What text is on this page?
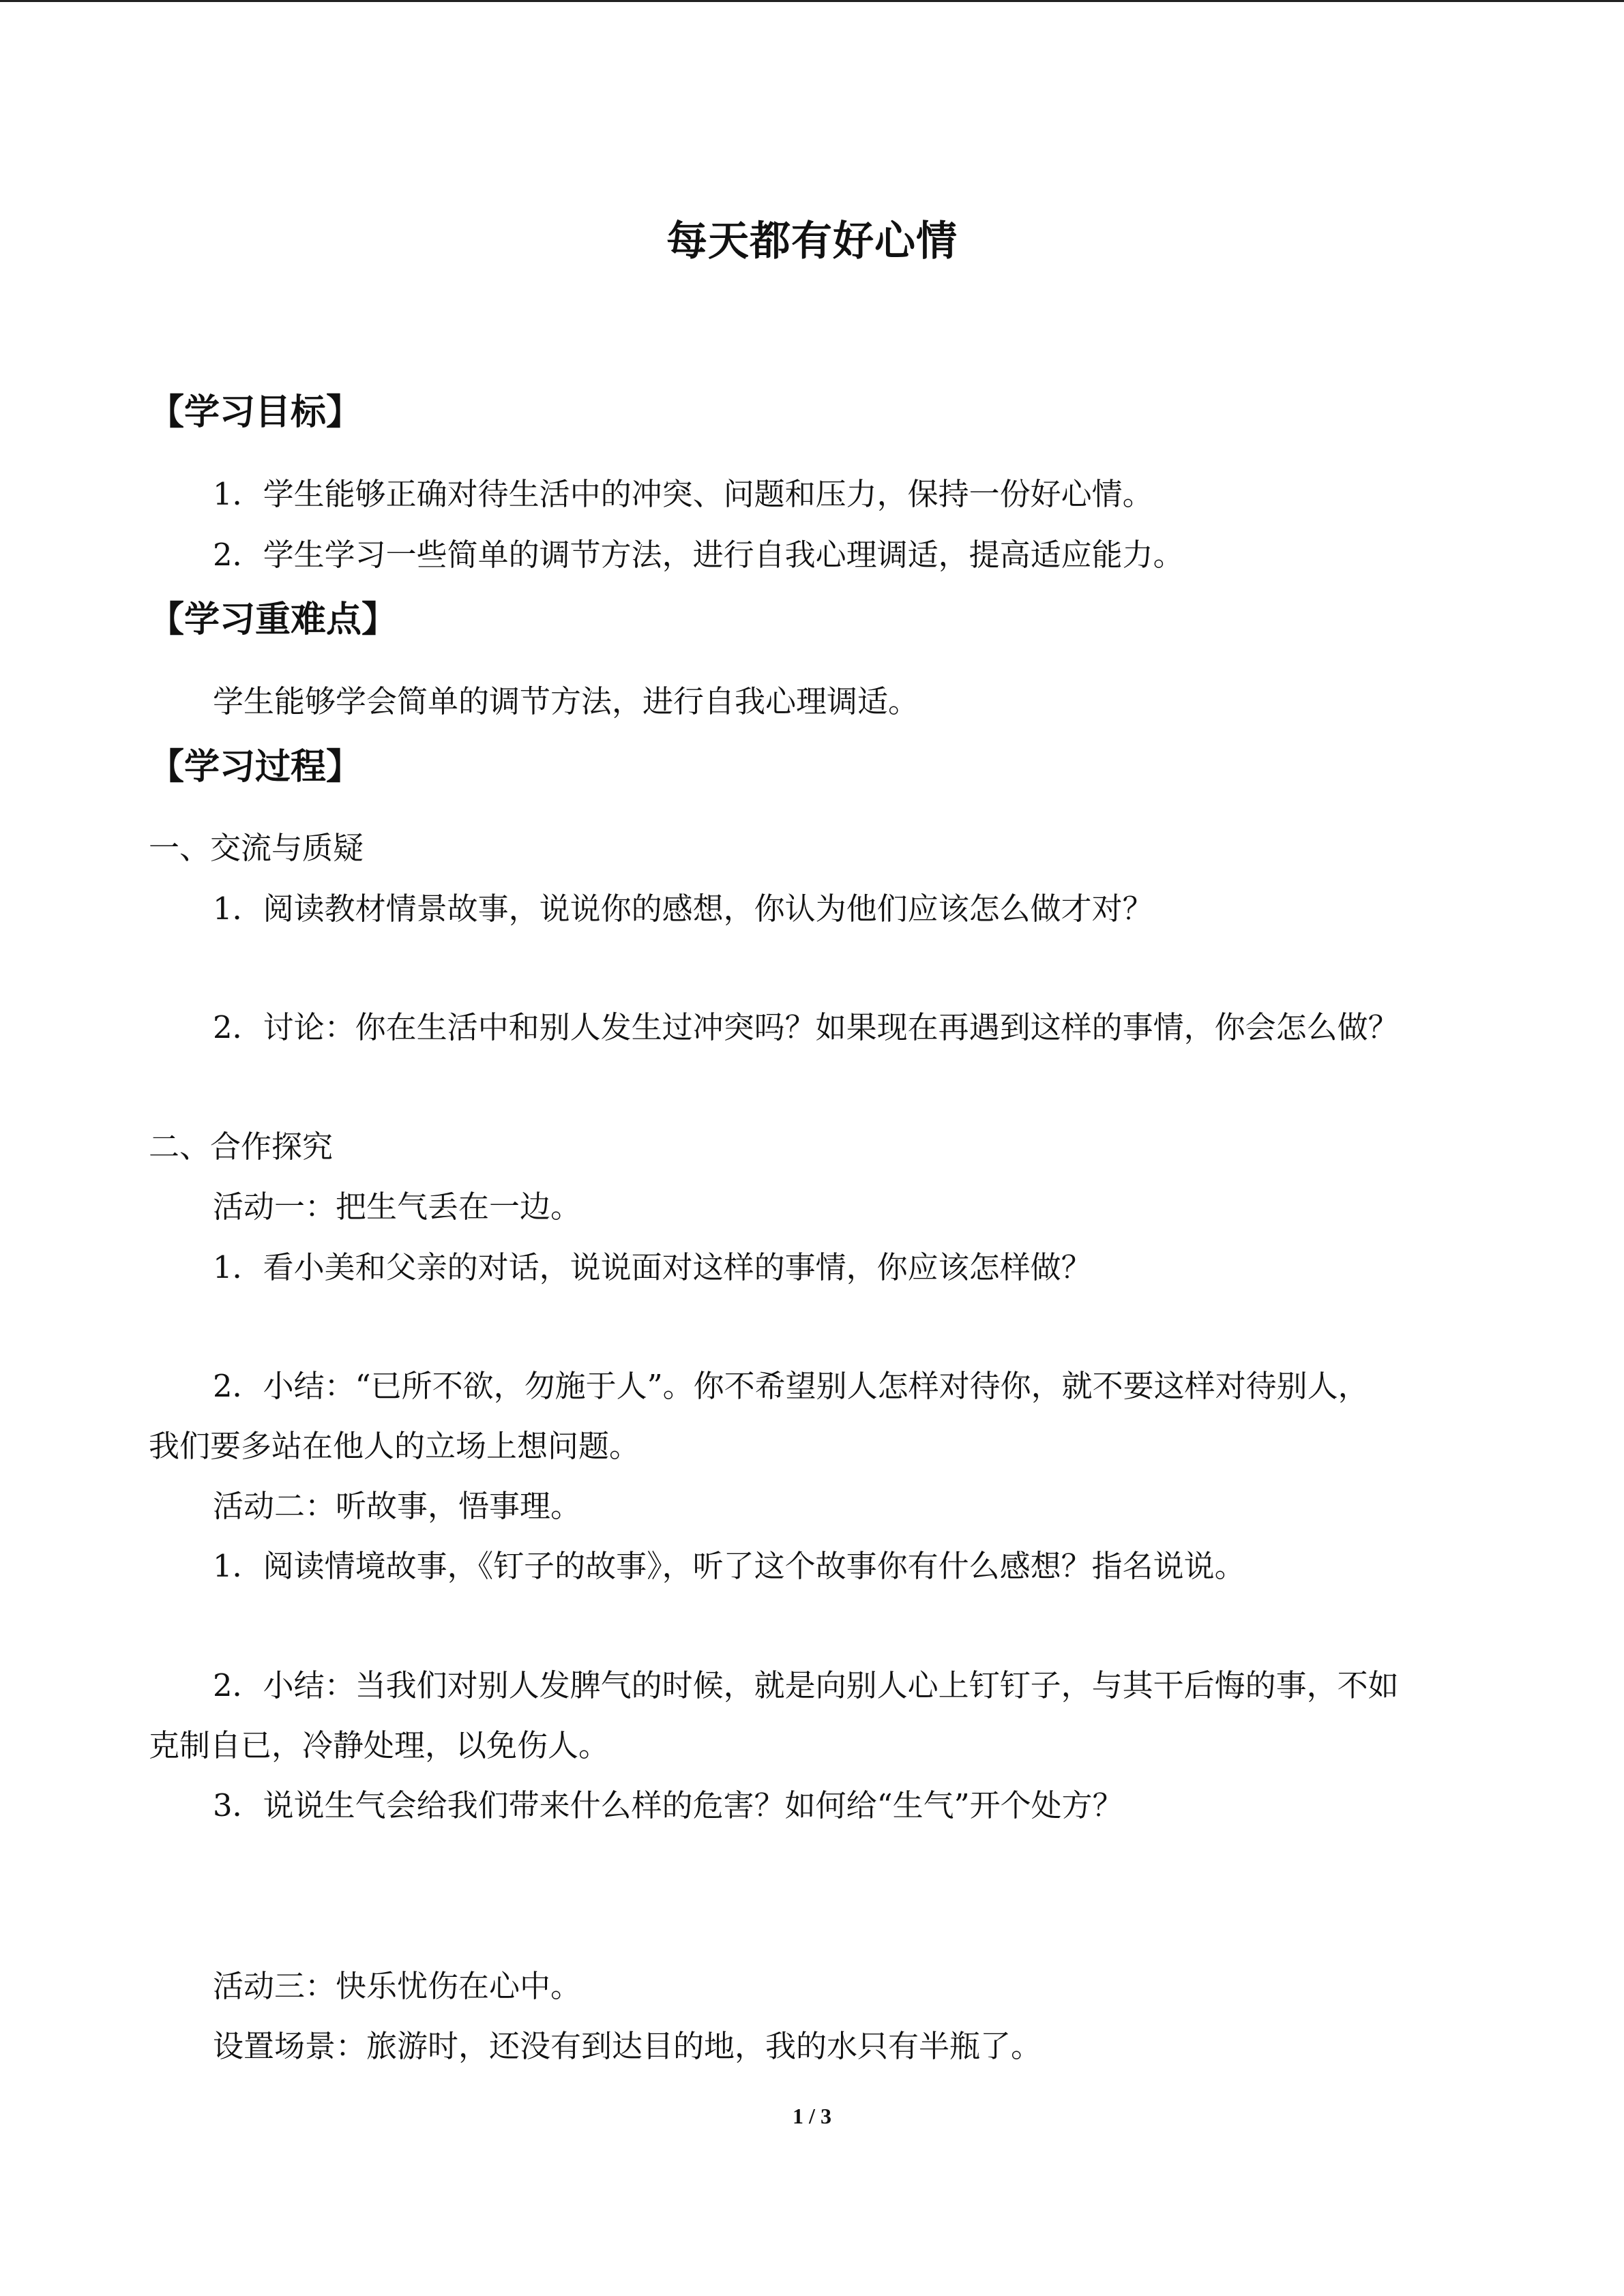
每天都有好心情
【学习目标】
1．学生能够正确对待生活中的冲突、问题和压力，保持一份好心情。
2．学生学习一些简单的调节方法，进行自我心理调适，提高适应能力。
【学习重难点】
学生能够学会简单的调节方法，进行自我心理调适。
【学习过程】
一、交流与质疑
1．阅读教材情景故事，说说你的感想，你认为他们应该怎么做才对？
2．讨论：你在生活中和别人发生过冲突吗？如果现在再遇到这样的事情，你会怎么做？
二、合作探究
活动一：把生气丢在一边。
1．看小美和父亲的对话，说说面对这样的事情，你应该怎样做？
2．小结：“已所不欲，勿施于人”。你不希望别人怎样对待你，就不要这样对待别人，
我们要多站在他人的立场上想问题。
活动二：听故事，悟事理。
1．阅读情境故事，《钉子的故事》，听了这个故事你有什么感想？指名说说。
2．小结：当我们对别人发脾气的时候，就是向别人心上钉钉子，与其干后悔的事，不如
克制自已，冷静处理，以免伤人。
3．说说生气会给我们带来什么样的危害？如何给“生气”开个处方？
活动三：快乐忧伤在心中。
设置场景：旅游时，还没有到达目的地，我的水只有半瓶了。
1 / 3
